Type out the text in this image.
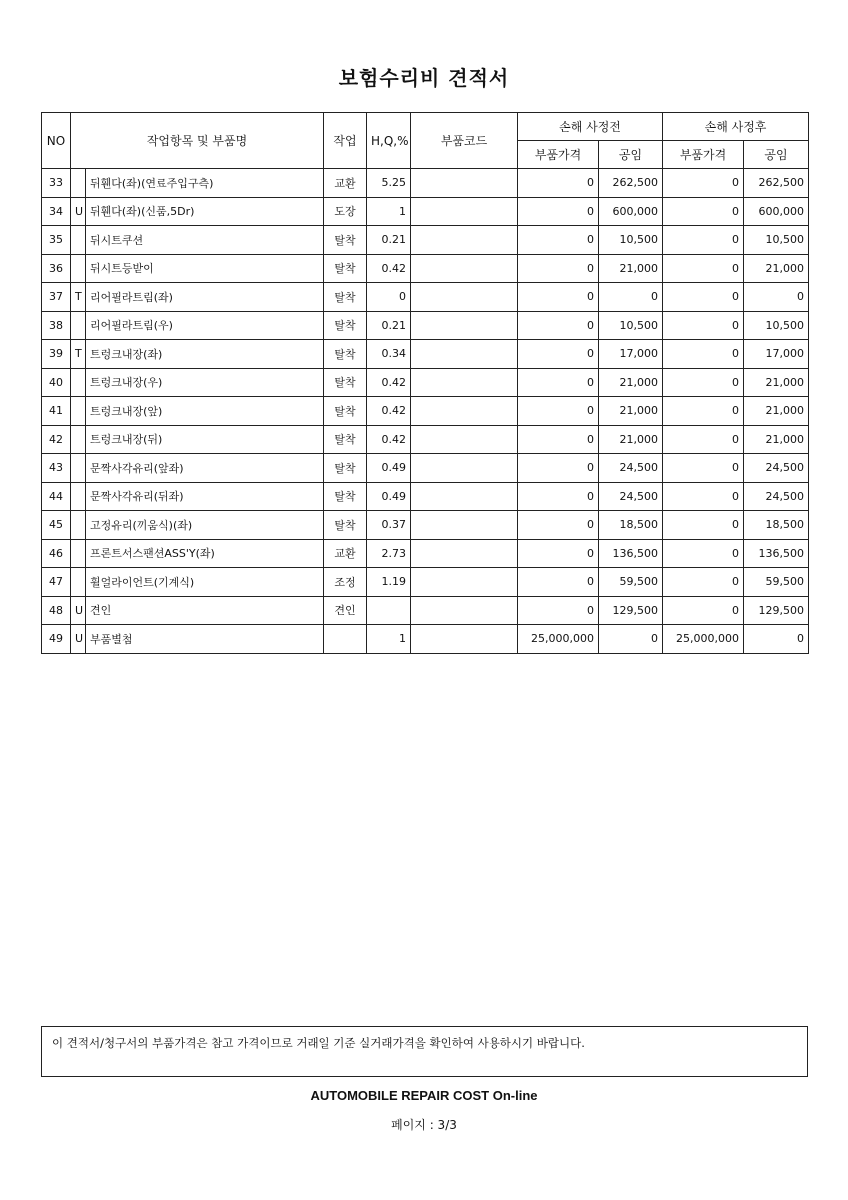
보험수리비 견적서
NO	작업항목 및 부품명		작업	H,Q,%	부품코드	손해 사정전		손해 사정후	
						부품가격	공임	부품가격	공임
33		뒤휀다(좌)(연료주입구측)	교환	5.25		0	262,500	0	262,500
34	U	뒤휀다(좌)(신품,5Dr)	도장	1		0	600,000	0	600,000
35		뒤시트쿠션	탈착	0.21		0	10,500	0	10,500
36		뒤시트등받이	탈착	0.42		0	21,000	0	21,000
37	T	리어필라트림(좌)	탈착	0		0	0	0	0
38		리어필라트림(우)	탈착	0.21		0	10,500	0	10,500
39	T	트렁크내장(좌)	탈착	0.34		0	17,000	0	17,000
40		트렁크내장(우)	탈착	0.42		0	21,000	0	21,000
41		트렁크내장(앞)	탈착	0.42		0	21,000	0	21,000
42		트렁크내장(뒤)	탈착	0.42		0	21,000	0	21,000
43		문짝사각유리(앞좌)	탈착	0.49		0	24,500	0	24,500
44		문짝사각유리(뒤좌)	탈착	0.49		0	24,500	0	24,500
45		고정유리(끼움식)(좌)	탈착	0.37		0	18,500	0	18,500
46		프론트서스팬션ASS'Y(좌)	교환	2.73		0	136,500	0	136,500
47		휠얼라이언트(기계식)	조정	1.19		0	59,500	0	59,500
48	U	견인	견인			0	129,500	0	129,500
49	U	부품별첨		1		25,000,000	0	25,000,000	0
이 견적서/청구서의 부품가격은 참고 가격이므로 거래일 기준 실거래가격을 확인하여 사용하시기 바랍니다.
AUTOMOBILE REPAIR COST On-line
페이지 : 3/3
